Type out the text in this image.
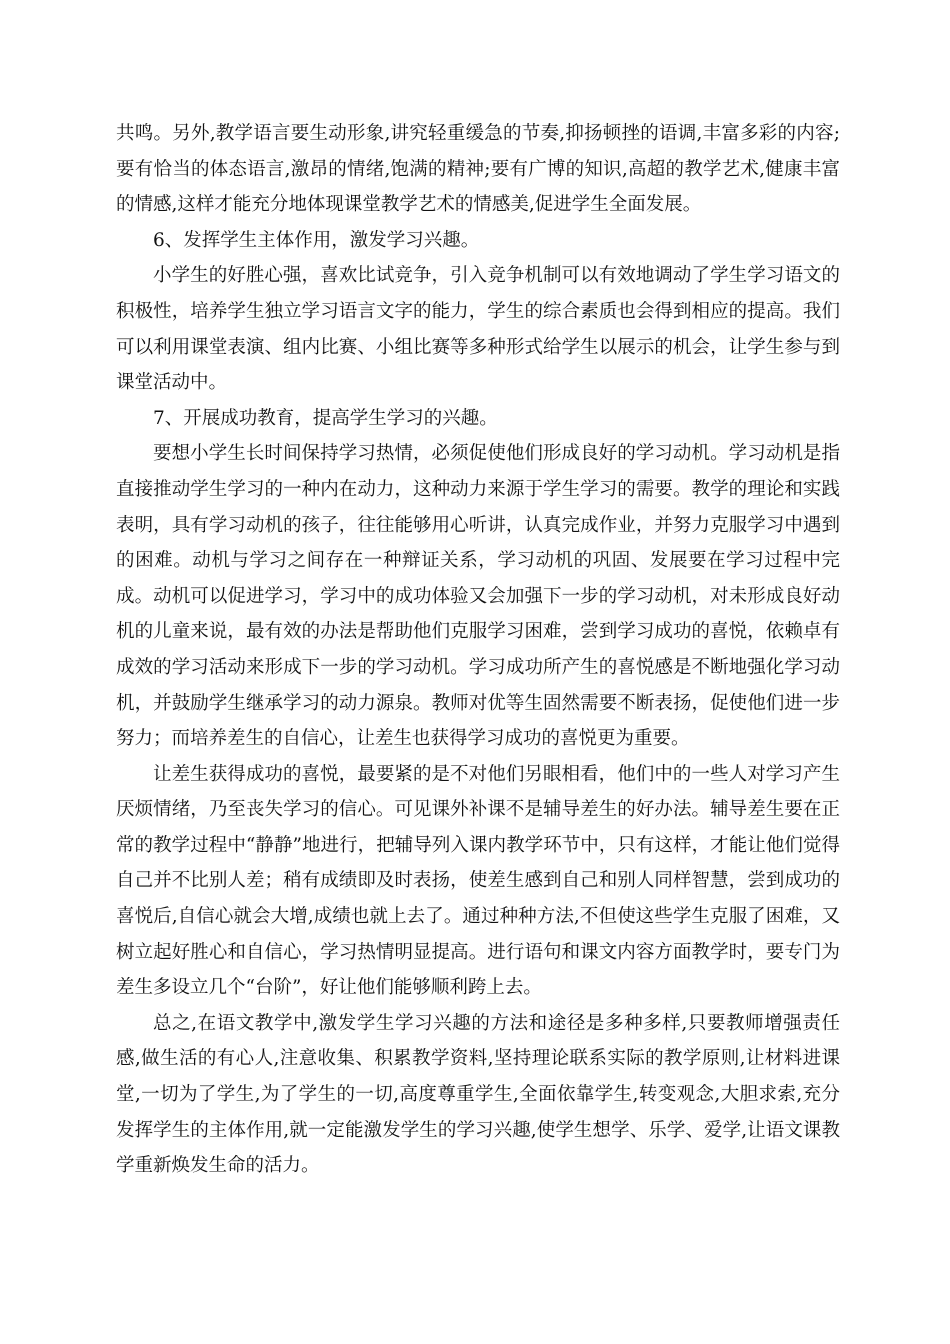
共鸣。另外,教学语言要生动形象,讲究轻重缓急的节奏,抑扬顿挫的语调,丰富多彩的内容;要有恰当的体态语言,激昂的情绪,饱满的精神;要有广博的知识,高超的教学艺术,健康丰富的情感,这样才能充分地体现课堂教学艺术的情感美,促进学生全面发展。

6、发挥学生主体作用，激发学习兴趣。

小学生的好胜心强，喜欢比试竞争，引入竞争机制可以有效地调动了学生学习语文的积极性，培养学生独立学习语言文字的能力，学生的综合素质也会得到相应的提高。我们可以利用课堂表演、组内比赛、小组比赛等多种形式给学生以展示的机会，让学生参与到课堂活动中。

7、开展成功教育，提高学生学习的兴趣。

要想小学生长时间保持学习热情，必须促使他们形成良好的学习动机。学习动机是指直接推动学生学习的一种内在动力，这种动力来源于学生学习的需要。教学的理论和实践表明，具有学习动机的孩子，往往能够用心听讲，认真完成作业，并努力克服学习中遇到的困难。动机与学习之间存在一种辩证关系，学习动机的巩固、发展要在学习过程中完成。动机可以促进学习，学习中的成功体验又会加强下一步的学习动机，对未形成良好动机的儿童来说，最有效的办法是帮助他们克服学习困难，尝到学习成功的喜悦，依赖卓有成效的学习活动来形成下一步的学习动机。学习成功所产生的喜悦感是不断地强化学习动机，并鼓励学生继承学习的动力源泉。教师对优等生固然需要不断表扬，促使他们进一步努力；而培养差生的自信心，让差生也获得学习成功的喜悦更为重要。

让差生获得成功的喜悦，最要紧的是不对他们另眼相看，他们中的一些人对学习产生厌烦情绪，乃至丧失学习的信心。可见课外补课不是辅导差生的好办法。辅导差生要在正常的教学过程中“静静”地进行，把辅导列入课内教学环节中，只有这样，才能让他们觉得自己并不比别人差；稍有成绩即及时表扬，使差生感到自己和别人同样智慧，尝到成功的喜悦后,自信心就会大增,成绩也就上去了。通过种种方法,不但使这些学生克服了困难，又树立起好胜心和自信心，学习热情明显提高。进行语句和课文内容方面教学时，要专门为差生多设立几个“台阶”，好让他们能够顺利跨上去。

总之,在语文教学中,激发学生学习兴趣的方法和途径是多种多样,只要教师增强责任感,做生活的有心人,注意收集、积累教学资料,坚持理论联系实际的教学原则,让材料进课堂,一切为了学生,为了学生的一切,高度尊重学生,全面依靠学生,转变观念,大胆求索,充分发挥学生的主体作用,就一定能激发学生的学习兴趣,使学生想学、乐学、爱学,让语文课教学重新焕发生命的活力。
